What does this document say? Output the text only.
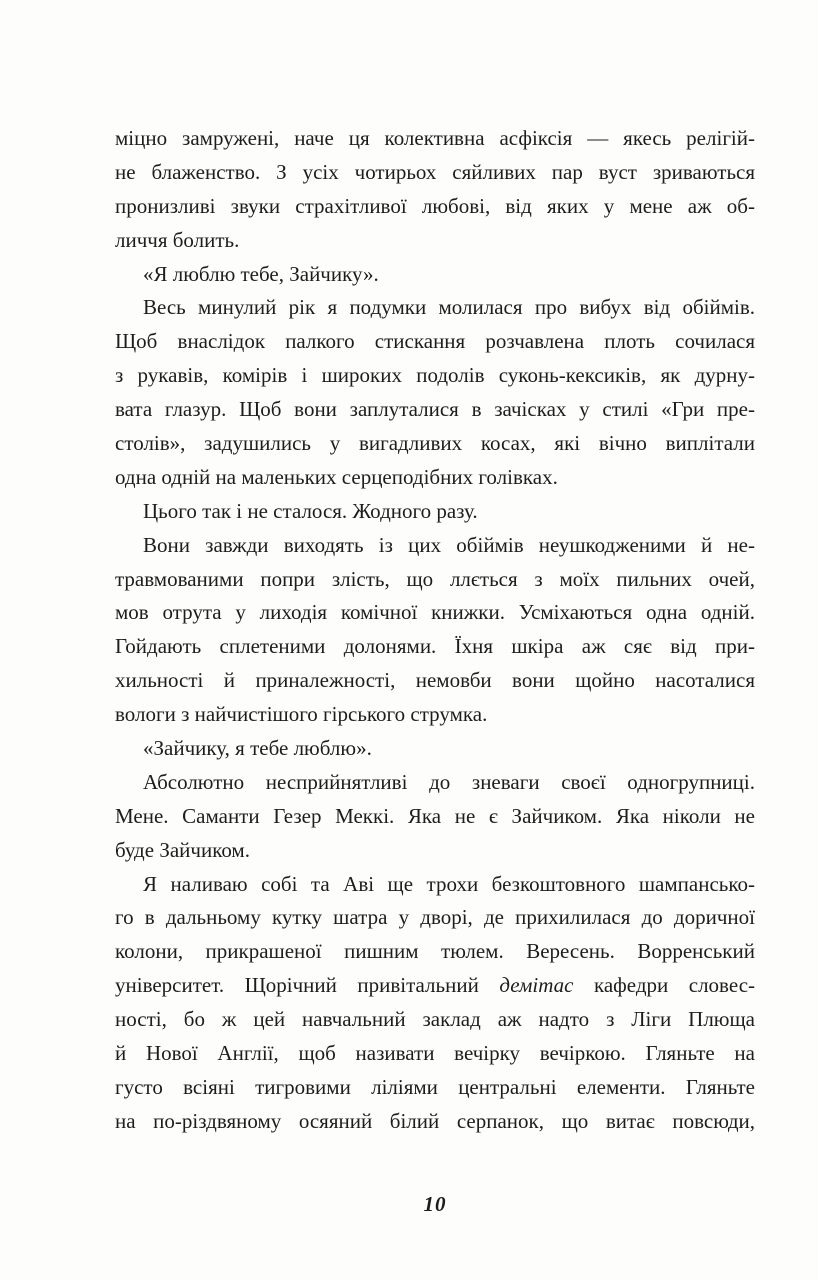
міцно замружені, наче ця колективна асфіксія — якесь релігій-
не блаженство. З усіх чотирьох сяйливих пар вуст зриваються
пронизливі звуки страхітливої любові, від яких у мене аж об-
личчя болить.
«Я люблю тебе, Зайчику».
Весь минулий рік я подумки молилася про вибух від обіймів.
Щоб внаслідок палкого стискання розчавлена плоть сочилася
з рукавів, комірів і широких подолів суконь-кексиків, як дурну-
вата глазур. Щоб вони заплуталися в зачісках у стилі «Гри пре-
столів», задушились у вигадливих косах, які вічно виплітали
одна одній на маленьких серцеподібних голівках.
Цього так і не сталося. Жодного разу.
Вони завжди виходять із цих обіймів неушкодженими й не-
травмованими попри злість, що ллється з моїх пильних очей,
мов отрута у лиходія комічної книжки. Усміхаються одна одній.
Гойдають сплетеними долонями. Їхня шкіра аж сяє від при-
хильності й приналежності, немовби вони щойно насоталися
вологи з найчистішого гірського струмка.
«Зайчику, я тебе люблю».
Абсолютно несприйнятливі до зневаги своєї одногрупниці.
Мене. Саманти Гезер Меккі. Яка не є Зайчиком. Яка ніколи не
буде Зайчиком.
Я наливаю собі та Аві ще трохи безкоштовного шампансько-
го в дальньому кутку шатра у дворі, де прихилилася до доричної
колони, прикрашеної пишним тюлем. Вересень. Ворренський
університет. Щорічний привітальний демітас кафедри словес-
ності, бо ж цей навчальний заклад аж надто з Ліги Плюща
й Нової Англії, щоб називати вечірку вечіркою. Гляньте на
густо всіяні тигровими ліліями центральні елементи. Гляньте
на по-різдвяному осяяний білий серпанок, що витає повсюди,
10
